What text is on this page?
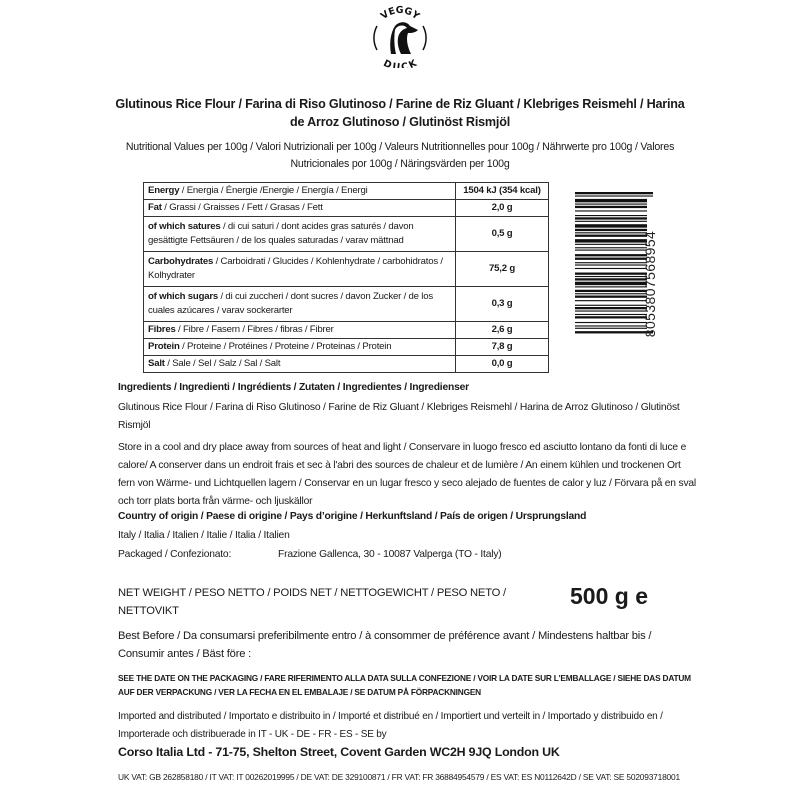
VEGGY
DUCK
Glutinous Rice Flour / Farina di Riso Glutinoso / Farine de Riz Gluant / Klebriges Reismehl / Harina de Arroz Glutinoso / Glutinöst Rismjöl
Nutritional Values per 100g / Valori Nutrizionali per 100g / Valeurs Nutritionnelles pour 100g / Nährwerte pro 100g / Valores Nutricionales por 100g / Näringsvärden per 100g
Energy / Energia / Énergie /Energie / Energía / Energi	1504 kJ (354 kcal)
Fat / Grassi / Graisses / Fett / Grasas / Fett	2,0 g
of which satures / di cui saturi / dont acides gras saturés / davon gesättigte Fettsäuren / de los quales saturadas / varav mättnad	0,5 g
Carbohydrates / Carboidrati / Glucides / Kohlenhydrate / carbohidratos / Kolhydrater	75,2 g
of which sugars / di cui zuccheri / dont sucres / davon Zucker / de los cuales azúcares / varav sockerarter	0,3 g
Fibres / Fibre / Fasern / Fibres / fibras / Fibrer	2,6 g
Protein / Proteine / Protéines / Proteine / Proteinas / Protein	7,8 g
Salt / Sale / Sel / Salz / Sal / Salt	0,0 g
8053807568954
Ingredients / Ingredienti / Ingrédients / Zutaten / Ingredientes / Ingredienser
Glutinous Rice Flour / Farina di Riso Glutinoso / Farine de Riz Gluant / Klebriges Reismehl / Harina de Arroz Glutinoso / Glutinöst Rismjöl
Store in a cool and dry place away from sources of heat and light / Conservare in luogo fresco ed asciutto lontano da fonti di luce e calore/ A conserver dans un endroit frais et sec à l'abri des sources de chaleur et de lumière / An einem kühlen und trockenen Ort fern von Wärme- und Lichtquellen lagern / Conservar en un lugar fresco y seco alejado de fuentes de calor y luz / Förvara på en sval och torr plats borta från värme- och ljuskällor
Country of origin / Paese di origine / Pays d’origine / Herkunftsland / País de origen / Ursprungsland
Italy / Italia / Italien / Italie / Italia / Italien
Packaged / Confezionato:	Frazione Gallenca, 30 - 10087 Valperga (TO - Italy)
NET WEIGHT / PESO NETTO / POIDS NET / NETTOGEWICHT / PESO NETO / NETTOVIKT
500 g e
Best Before / Da consumarsi preferibilmente entro / à consommer de préférence avant / Mindestens haltbar bis / Consumir antes / Bäst före :
SEE THE DATE ON THE PACKAGING / FARE RIFERIMENTO ALLA DATA SULLA CONFEZIONE / VOIR LA DATE SUR L'EMBALLAGE / SIEHE DAS DATUM AUF DER VERPACKUNG / VER LA FECHA EN EL EMBALAJE / SE DATUM PÅ FÖRPACKNINGEN
Imported and distributed / Importato e distribuito in / Importé et distribué en / Importiert und verteilt in / Importado y distribuido en / Importerade och distribuerade in IT - UK - DE - FR - ES - SE by
Corso Italia Ltd - 71-75, Shelton Street, Covent Garden WC2H 9JQ London UK
UK VAT: GB 262858180 / IT VAT: IT 00262019995 / DE VAT: DE 329100871 / FR VAT: FR 36884954579 / ES VAT: ES N0112642D / SE VAT: SE 502093718001
